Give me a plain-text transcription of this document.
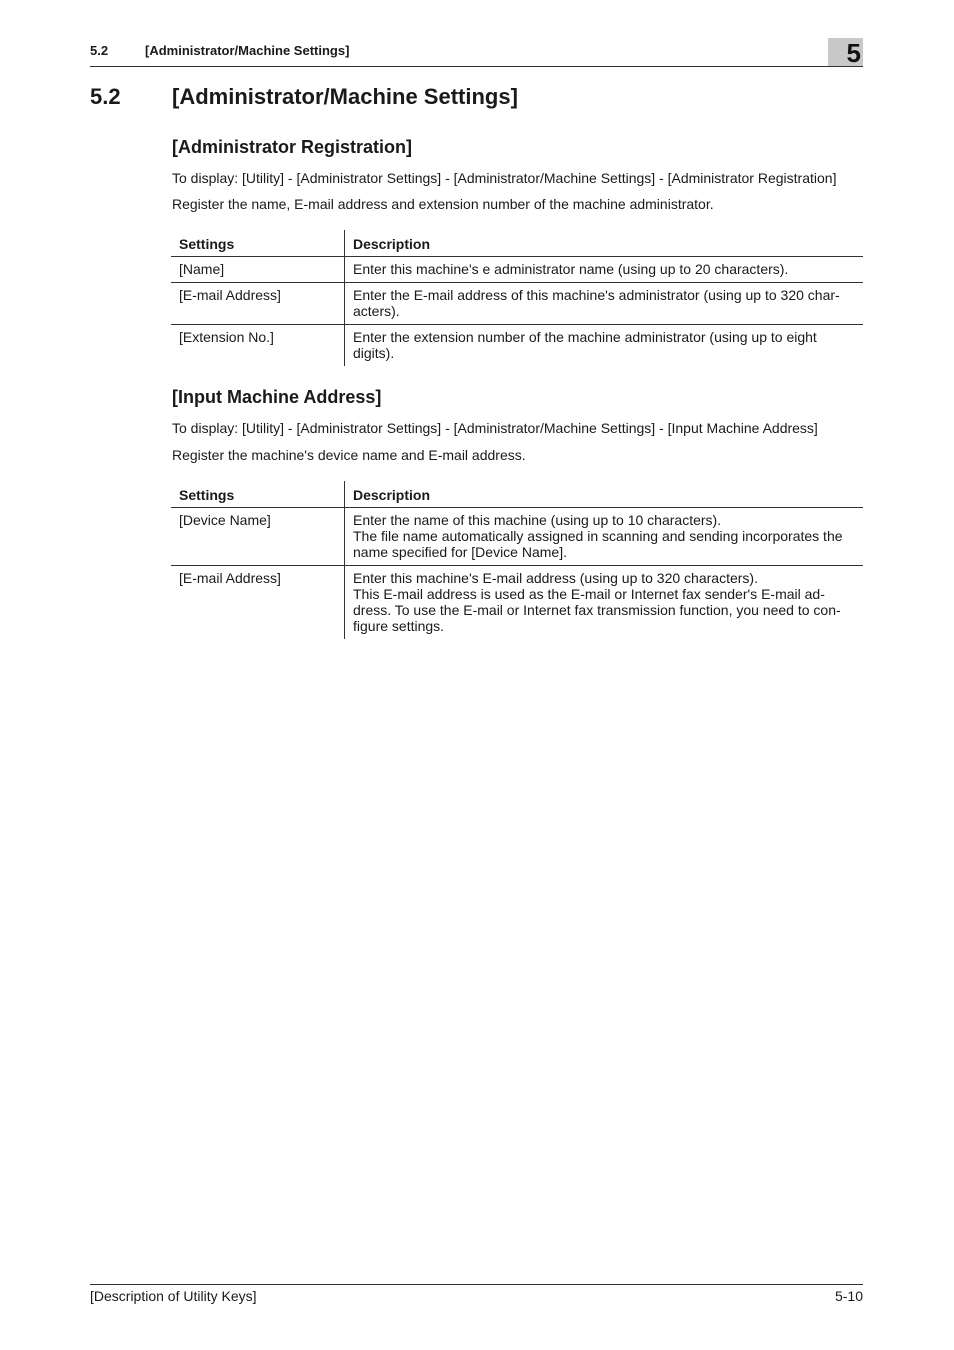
5.2	[Administrator/Machine Settings]	5
5.2 [Administrator/Machine Settings]
[Administrator Registration]

To display: [Utility] - [Administrator Settings] - [Administrator/Machine Settings] - [Administrator Registration]

Register the name, E-mail address and extension number of the machine administrator.

Settings	Description
[Name]	Enter this machine's e administrator name (using up to 20 characters).

[E-mail Address]	Enter the E-mail address of this machine's administrator (using up to 320 char-
acters).

[Extension No.]	Enter the extension number of the machine administrator (using up to eight
digits).
[Input Machine Address]

To display: [Utility] - [Administrator Settings] - [Administrator/Machine Settings] - [Input Machine Address]

Register the machine's device name and E-mail address.

Settings	Description
[Device Name]	Enter the name of this machine (using up to 10 characters).
The file name automatically assigned in scanning and sending incorporates the
name specified for [Device Name].

[E-mail Address]	Enter this machine's E-mail address (using up to 320 characters).
This E-mail address is used as the E-mail or Internet fax sender's E-mail ad-
dress. To use the E-mail or Internet fax transmission function, you need to con-
figure settings.
[Description of Utility Keys]	5-10
